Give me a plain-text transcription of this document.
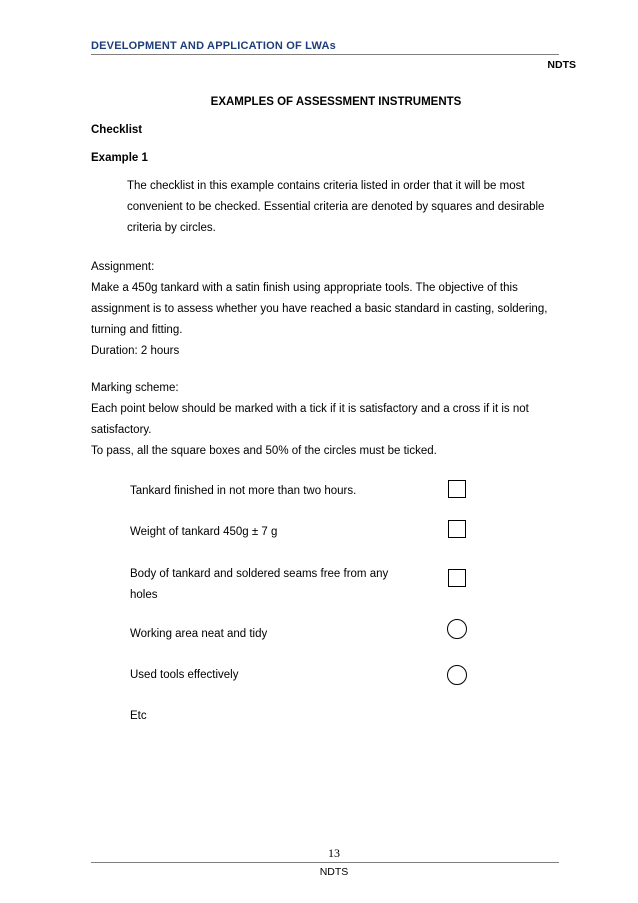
DEVELOPMENT AND APPLICATION OF LWAs
NDTS
EXAMPLES OF ASSESSMENT INSTRUMENTS
Checklist
Example 1
The checklist in this example contains criteria listed in order that it will be most
convenient to be checked. Essential criteria are denoted by squares and desirable
criteria by circles.
Assignment:
Make a 450g tankard with a satin finish using appropriate tools. The objective of this
assignment is to assess whether you have reached a basic standard in casting, soldering,
turning and fitting.
Duration: 2 hours
Marking scheme:
Each point below should be marked with a tick if it is satisfactory and a cross if it is not
satisfactory.
To pass, all the square boxes and 50% of the circles must be ticked.
Tankard finished in not more than two hours.
Weight of tankard 450g ± 7 g
Body of tankard and soldered seams free from any
holes
Working area neat and tidy
Used tools effectively
Etc
13
NDTS
